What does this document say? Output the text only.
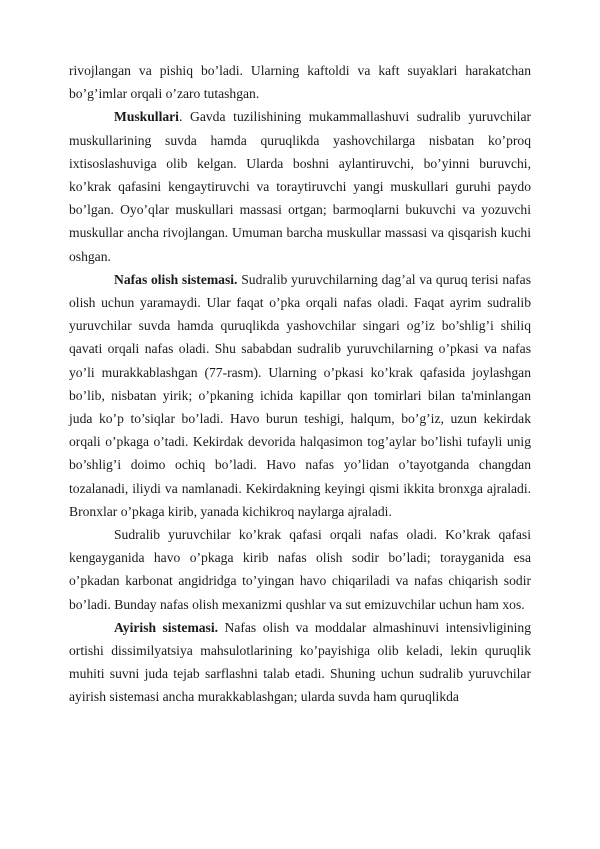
rivojlangan va pishiq bo’ladi. Ularning kaftoldi va kaft suyaklari harakatchan bo’g’imlar orqali o’zaro tutashgan.

Muskullari. Gavda tuzilishining mukammallashuvi sudralib yuruvchilar muskullarining suvda hamda quruqlikda yashovchilarga nisbatan ko’proq ixtisoslashuviga olib kelgan. Ularda boshni aylantiruvchi, bo’yinni buruvchi, ko’krak qafasini kengaytiruvchi va toraytiruvchi yangi muskullari guruhi paydo bo’lgan. Oyo’qlar muskullari massasi ortgan; barmoqlarni bukuvchi va yozuvchi muskullar ancha rivojlangan. Umuman barcha muskullar massasi va qisqarish kuchi oshgan.

Nafas olish sistemasi. Sudralib yuruvchilarning dag’al va quruq terisi nafas olish uchun yaramaydi. Ular faqat o’pka orqali nafas oladi. Faqat ayrim sudralib yuruvchilar suvda hamda quruqlikda yashovchilar singari og’iz bo’shlig’i shiliq qavati orqali nafas oladi. Shu sababdan sudralib yuruvchilarning o’pkasi va nafas yo’li murakkablashgan (77-rasm). Ularning o’pkasi ko’krak qafasida joylashgan bo’lib, nisbatan yirik; o’pkaning ichida kapillar qon tomirlari bilan ta'minlangan juda ko’p to’siqlar bo’ladi. Havo burun teshigi, halqum, bo’g’iz, uzun kekirdak orqali o’pkaga o’tadi. Kekirdak devorida halqasimon tog’aylar bo’lishi tufayli unig bo’shlig’i doimo ochiq bo’ladi. Havo nafas yo’lidan o’tayotganda changdan tozalanadi, iliydi va namlanadi. Kekirdakning keyingi qismi ikkita bronxga ajraladi. Bronxlar o’pkaga kirib, yanada kichikroq naylarga ajraladi.

Sudralib yuruvchilar ko’krak qafasi orqali nafas oladi. Ko’krak qafasi kengayganida havo o’pkaga kirib nafas olish sodir bo’ladi; torayganida esa o’pkadan karbonat angidridga to’yingan havo chiqariladi va nafas chiqarish sodir bo’ladi. Bunday nafas olish mexanizmi qushlar va sut emizuvchilar uchun ham xos.

Ayirish sistemasi. Nafas olish va moddalar almashinuvi intensivligining ortishi dissimilyatsiya mahsulotlarining ko’payishiga olib keladi, lekin quruqlik muhiti suvni juda tejab sarflashni talab etadi. Shuning uchun sudralib yuruvchilar ayirish sistemasi ancha murakkablashgan; ularda suvda ham quruqlikda
